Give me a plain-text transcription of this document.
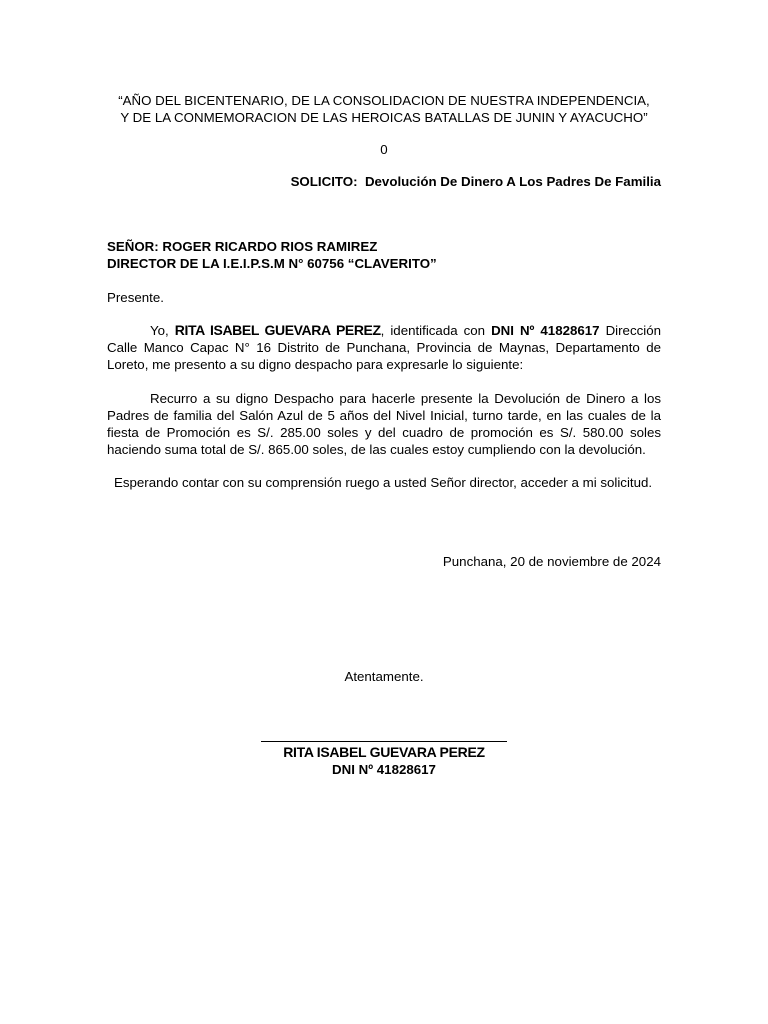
“AÑO DEL BICENTENARIO, DE LA CONSOLIDACION DE NUESTRA INDEPENDENCIA,
Y DE LA CONMEMORACION DE LAS HEROICAS BATALLAS DE JUNIN Y AYACUCHO”
0
SOLICITO: Devolución De Dinero A Los Padres De Familia
SEÑOR: ROGER RICARDO RIOS RAMIREZ
DIRECTOR DE LA I.E.I.P.S.M N° 60756 “CLAVERITO”

Presente.

Yo, RITA ISABEL GUEVARA PEREZ, identificada con DNI Nº 41828617 Dirección Calle Manco Capac N° 16 Distrito de Punchana, Provincia de Maynas, Departamento de Loreto, me presento a su digno despacho para expresarle lo siguiente:

Recurro a su digno Despacho para hacerle presente la Devolución de Dinero a los Padres de familia del Salón Azul de 5 años del Nivel Inicial, turno tarde, en las cuales de la fiesta de Promoción es S/. 285.00 soles y del cuadro de promoción es S/. 580.00 soles haciendo suma total de S/. 865.00 soles, de las cuales estoy cumpliendo con la devolución.

Esperando contar con su comprensión ruego a usted Señor director, acceder a mi solicitud.

Punchana, 20 de noviembre de 2024
Atentamente.
RITA ISABEL GUEVARA PEREZ
DNI Nº 41828617
